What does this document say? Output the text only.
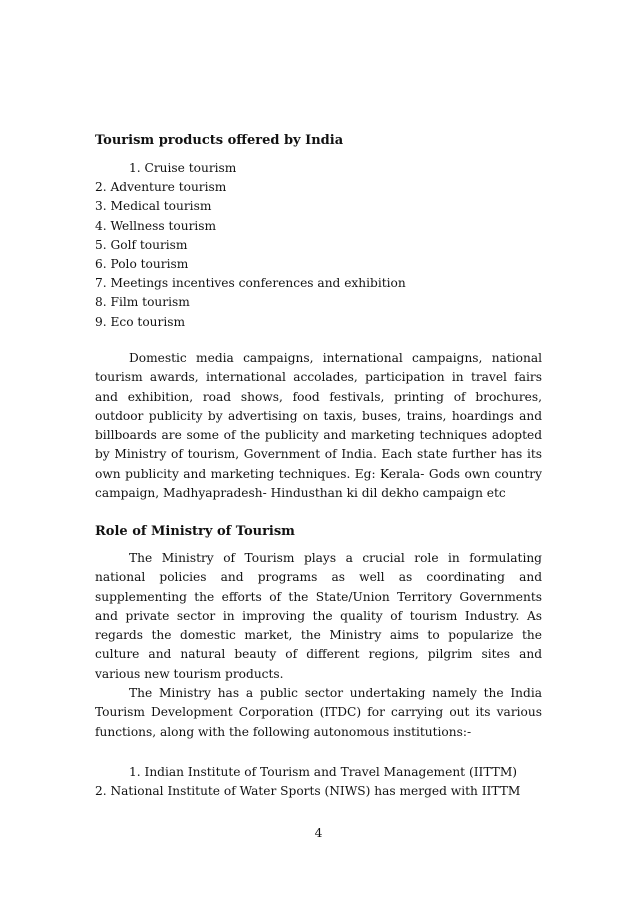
Tourism products offered by India
1. Cruise tourism
2. Adventure tourism
3. Medical tourism
4. Wellness tourism
5. Golf tourism
6. Polo tourism
7. Meetings incentives conferences and exhibition
8. Film tourism
9. Eco tourism

Domestic media campaigns, international campaigns, national tourism awards, international accolades, participation in travel fairs and exhibition, road shows, food festivals, printing of brochures, outdoor publicity by advertising on taxis, buses, trains, hoardings and billboards are some of the publicity and marketing techniques adopted by Ministry of tourism, Government of India. Each state further has its own publicity and marketing techniques. Eg: Kerala- Gods own country campaign, Madhyapradesh- Hindusthan ki dil dekho campaign etc

Role of Ministry of Tourism

The Ministry of Tourism plays a crucial role in formulating national policies and programs as well as coordinating and supplementing the efforts of the State/Union Territory Governments and private sector in improving the quality of tourism Industry. As regards the domestic market, the Ministry aims to popularize the culture and natural beauty of different regions, pilgrim sites and various new tourism products.

The Ministry has a public sector undertaking namely the India Tourism Development Corporation (ITDC) for carrying out its various functions, along with the following autonomous institutions:-

1. Indian Institute of Tourism and Travel Management (IITTM)
2. National Institute of Water Sports (NIWS) has merged with IITTM
4
